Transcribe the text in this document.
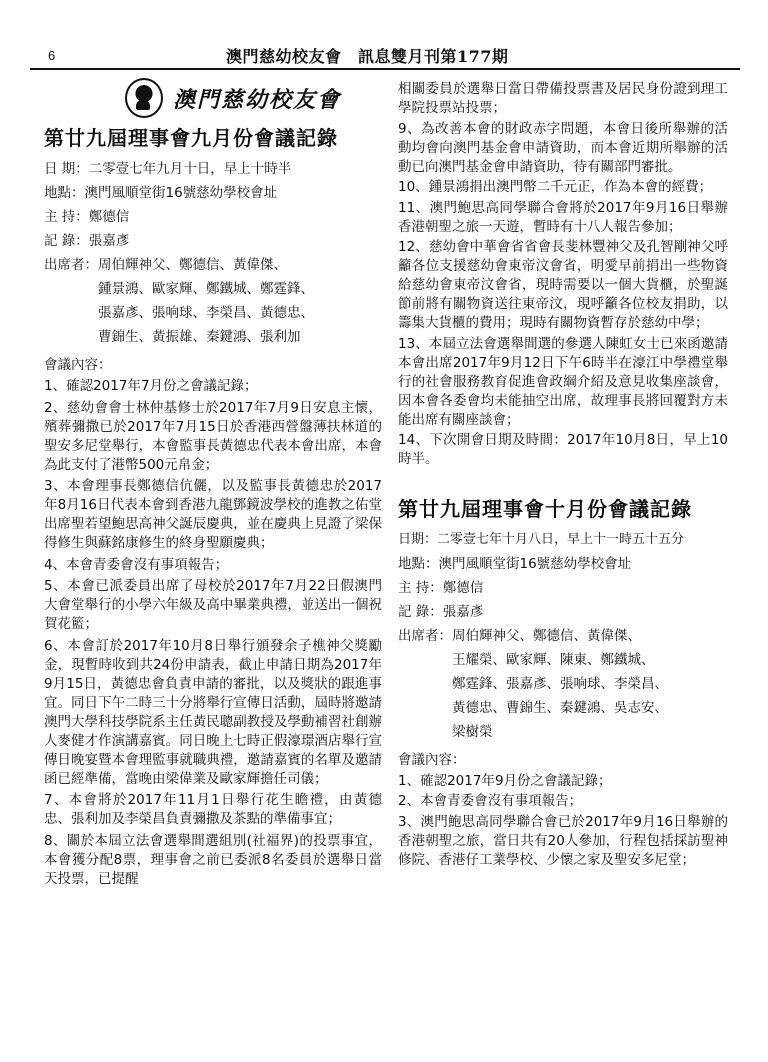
6	澳門慈幼校友會　訊息雙月刊第177期
澳門慈幼校友會
第廿九屆理事會九月份會議記錄
日 期：二零壹七年九月十日，早上十時半
地點：澳門風順堂街16號慈幼學校會址
主 持：鄭德信
記 錄：張嘉彥
出席者： 周伯輝神父、鄭德信、黃偉傑、
鍾景鴻、歐家輝、鄭鐵城、鄭霆鋒、
張嘉彥、張响球、李榮昌、黃德忠、
曹錦生、黃振雄、秦鍵鴻、張利加
會議內容：

1、確認2017年7月份之會議記錄；

2、慈幼會會士林仲基修士於2017年7月9日安息主懷，殯葬彌撒已於2017年7月15日於香港西營盤薄扶林道的聖安多尼堂舉行，本會監事長黃德忠代表本會出席，本會為此支付了港幣500元帛金；

3、本會理事長鄭德信伉儷，以及監事長黃德忠於2017年8月16日代表本會到香港九龍鄧鏡波學校的進教之佑堂出席聖若望鮑思高神父誕辰慶典，並在慶典上見證了梁保得修生與蘇銘康修生的終身聖願慶典；

4、本會青委會沒有事項報告；

5、本會已派委員出席了母校於2017年7月22日假澳門大會堂舉行的小學六年級及高中畢業典禮，並送出一個祝賀花籃；

6、本會訂於2017年10月8日舉行頒發余子樵神父獎勵金，現暫時收到共24份申請表，截止申請日期為2017年9月15日，黃德忠會負責申請的審批，以及獎狀的跟進事宜。同日下午二時三十分將舉行宣傳日活動，屆時將邀請澳門大學科技學院系主任黃民聰副教授及學動補習社創辦人麥健才作演講嘉賓。同日晚上七時正假濠璟酒店舉行宣傳日晚宴暨本會理監事就職典禮，邀請嘉賓的名單及邀請函已經準備，當晚由梁偉業及歐家輝擔任司儀；

7、本會將於2017年11月1日舉行花生瞻禮，由黃德忠、張利加及李榮昌負責彌撒及茶點的準備事宜；

8、關於本屆立法會選舉間選組別(社福界)的投票事宜，本會獲分配8票，理事會之前已委派8名委員於選舉日當天投票，已提醒

相關委員於選舉日當日帶備投票書及居民身份證到理工學院投票站投票；

9、為改善本會的財政赤字問題，本會日後所舉辦的活動均會向澳門基金會申請資助，而本會近期所舉辦的活動已向澳門基金會申請資助，待有關部門審批。

10、鍾景鴻捐出澳門幣二千元正，作為本會的經費；

11、澳門鮑思高同學聯合會將於2017年9月16日舉辦香港朝聖之旅一天遊，暫時有十八人報告參加；

12、慈幼會中華會省省會長斐林豐神父及孔智剛神父呼籲各位支援慈幼會東帝汶會省，明愛早前捐出一些物資給慈幼會東帝汶會省，現時需要以一個大貨櫃，於聖誕節前將有關物資送往東帝汶，現呼籲各位校友捐助，以籌集大貨櫃的費用；現時有關物資暫存於慈幼中學；

13、本屆立法會選舉間選的參選人陳虹女士已來函邀請本會出席2017年9月12日下午6時半在濠江中學禮堂舉行的社會服務教育促進會政綱介紹及意見收集座談會，因本會各委會均未能抽空出席，故理事長將回覆對方未能出席有關座談會；

14、下次開會日期及時間：2017年10月8日，早上10時半。

第廿九屆理事會十月份會議記錄
日期：二零壹七年十月八日，早上十一時五十五分
地點：澳門風順堂街16號慈幼學校會址
主 持：鄭德信
記 錄：張嘉彥
出席者： 周伯輝神父、鄭德信、黃偉傑、
王耀榮、歐家輝、陳東、鄭鐵城、
鄭霆鋒、張嘉彥、張响球、李榮昌、
黃德忠、曹錦生、秦鍵鴻、吳志安、
梁樹榮
會議內容：

1、確認2017年9月份之會議記錄；

2、本會青委會沒有事項報告；

3、澳門鮑思高同學聯合會已於2017年9月16日舉辦的香港朝聖之旅，當日共有20人參加，行程包括採訪聖神修院、香港仔工業學校、少懷之家及聖安多尼堂；
